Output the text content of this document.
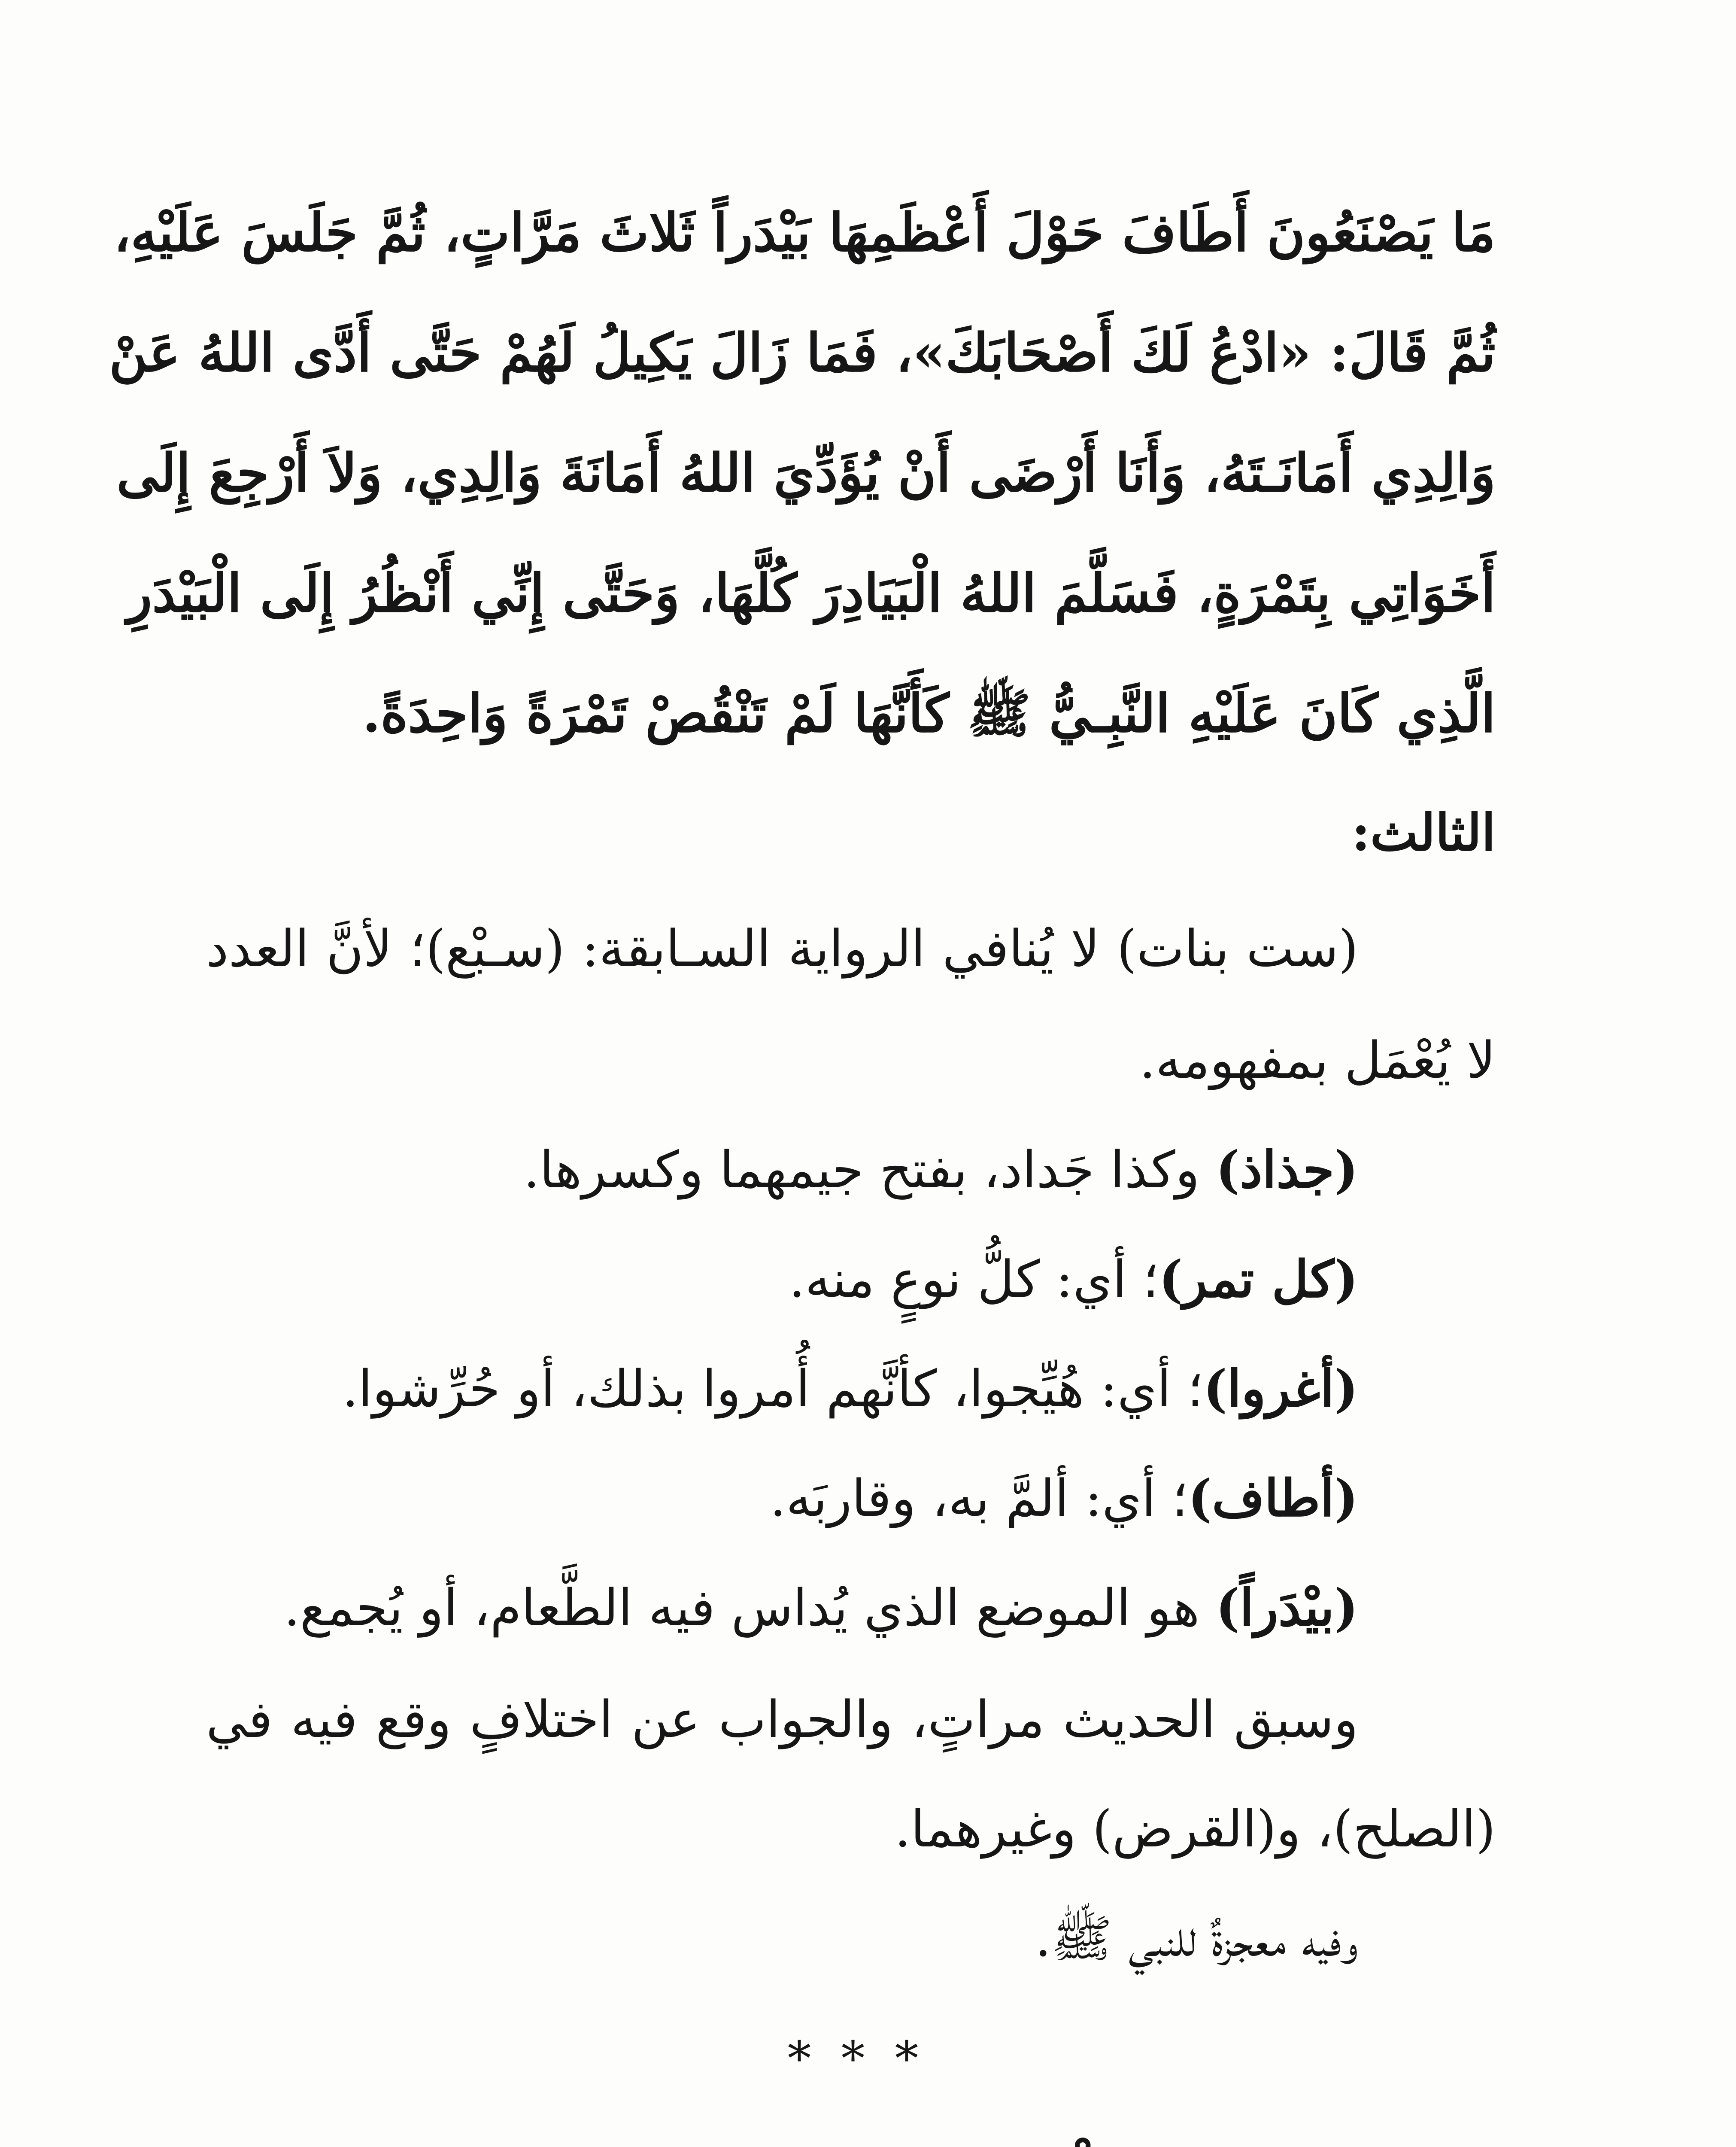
مَا يَصْنَعُونَ أَطَافَ حَوْلَ أَعْظَمِهَا بَيْدَراً ثَلاثَ مَرَّاتٍ، ثُمَّ جَلَسَ عَلَيْهِ،

ثُمَّ قَالَ: «ادْعُ لَكَ أَصْحَابَكَ»، فَمَا زَالَ يَكِيلُ لَهُمْ حَتَّى أَدَّى اللهُ عَنْ

وَالِدِي أَمَانَـتَهُ، وَأَنَا أَرْضَى أَنْ يُؤَدِّيَ اللهُ أَمَانَةَ وَالِدِي، وَلاَ أَرْجِعَ إِلَى

أَخَوَاتِي بِتَمْرَةٍ، فَسَلَّمَ اللهُ الْبَيَادِرَ كُلَّهَا، وَحَتَّى إِنِّي أَنْظُرُ إِلَى الْبَيْدَرِ

الَّذِي كَانَ عَلَيْهِ النَّبِـيُّ ﷺ كَأَنَّهَا لَمْ تَنْقُصْ تَمْرَةً وَاحِدَةً.

الثالث:

(ست بنات) لا يُنافي الرواية السـابقة: (سـبْع)؛ لأنَّ العدد

لا يُعْمَل بمفهومه.

(جذاذ) وكذا جَداد، بفتح جيمهما وكسرها.

(كل تمر)؛ أي: كلُّ نوعٍ منه.

(أغروا)؛ أي: هُيِّجوا، كأنَّهم أُمروا بذلك، أو حُرِّشوا.

(أطاف)؛ أي: ألمَّ به، وقاربَه.

(بيْدَراً) هو الموضع الذي يُداس فيه الطَّعام، أو يُجمع.

وسبق الحديث مراتٍ، والجواب عن اختلافٍ وقع فيه في

(الصلح)، و(القرض) وغيرهما.

وفيه معجزةٌ للنبي ﷺ.

***
